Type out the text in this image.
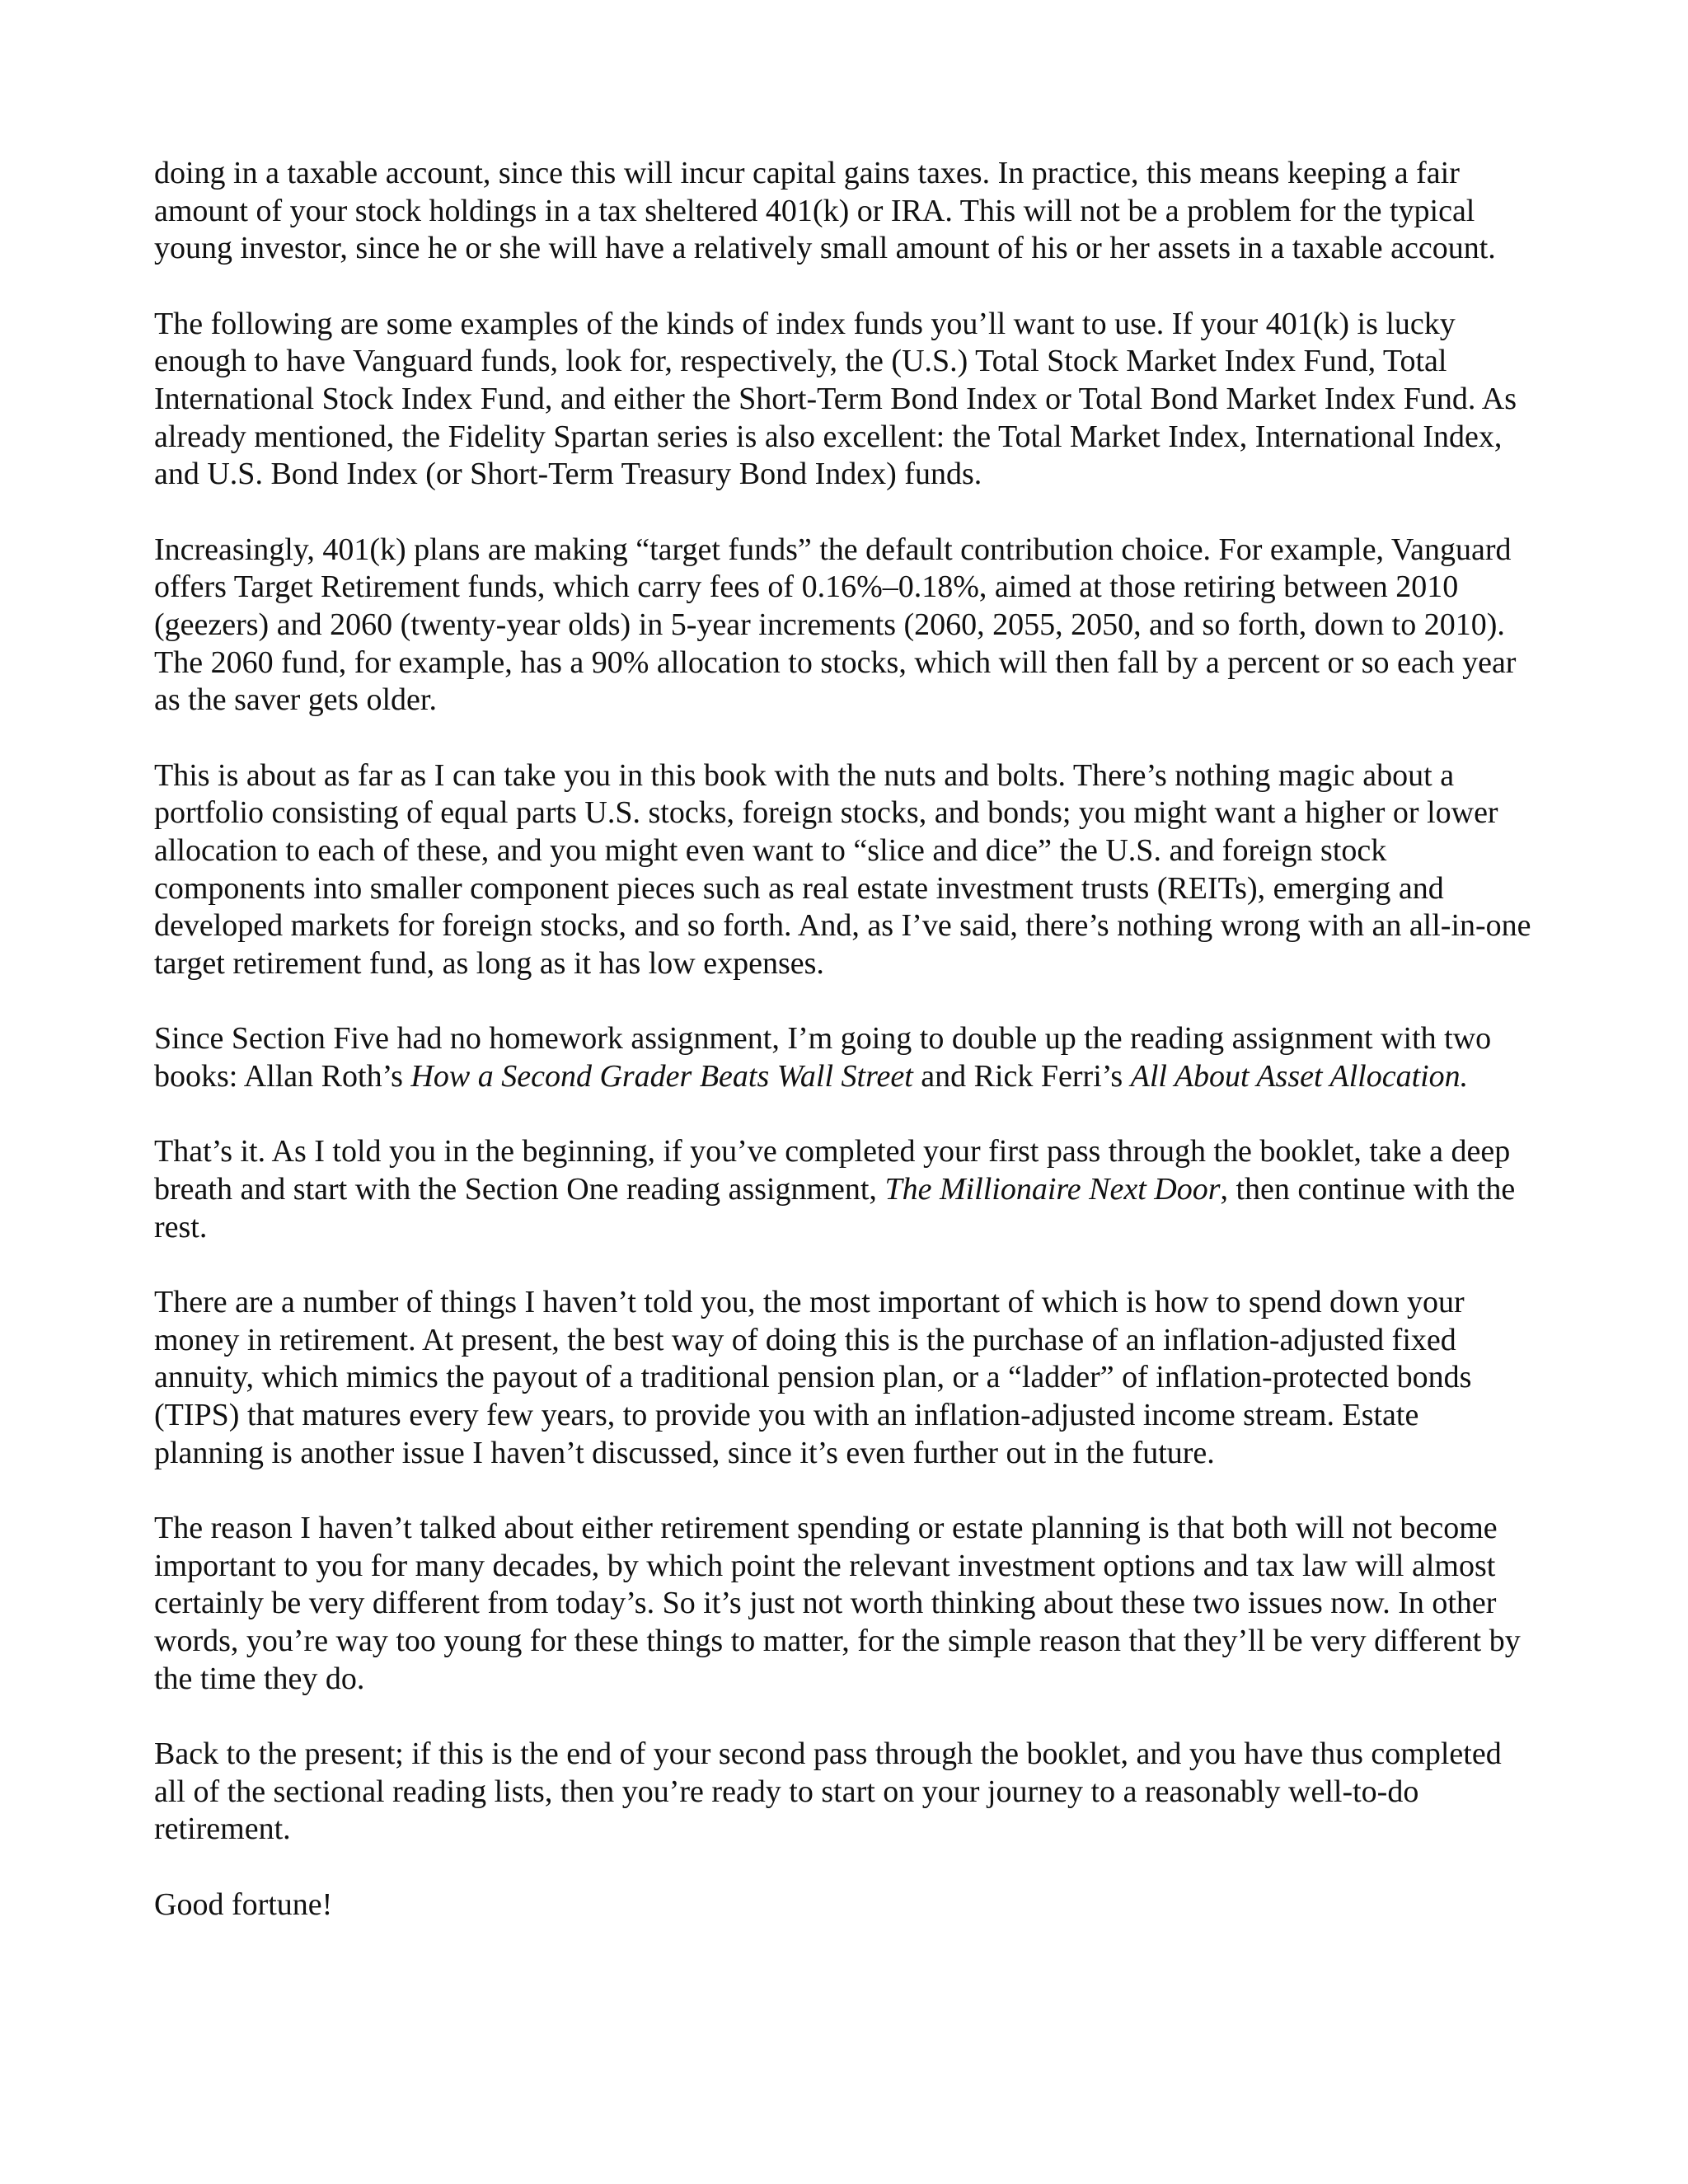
doing in a taxable account, since this will incur capital gains taxes. In practice, this means keeping a fair amount of your stock holdings in a tax sheltered 401(k) or IRA. This will not be a problem for the typical young investor, since he or she will have a relatively small amount of his or her assets in a taxable account.

The following are some examples of the kinds of index funds you’ll want to use. If your 401(k) is lucky enough to have Vanguard funds, look for, respectively, the (U.S.) Total Stock Market Index Fund, Total International Stock Index Fund, and either the Short-Term Bond Index or Total Bond Market Index Fund. As already mentioned, the Fidelity Spartan series is also excellent: the Total Market Index, International Index, and U.S. Bond Index (or Short-Term Treasury Bond Index) funds.

Increasingly, 401(k) plans are making “target funds” the default contribution choice. For example, Vanguard offers Target Retirement funds, which carry fees of 0.16%–0.18%, aimed at those retiring between 2010 (geezers) and 2060 (twenty-year olds) in 5-year increments (2060, 2055, 2050, and so forth, down to 2010). The 2060 fund, for example, has a 90% allocation to stocks, which will then fall by a percent or so each year as the saver gets older.

This is about as far as I can take you in this book with the nuts and bolts. There’s nothing magic about a portfolio consisting of equal parts U.S. stocks, foreign stocks, and bonds; you might want a higher or lower allocation to each of these, and you might even want to “slice and dice” the U.S. and foreign stock components into smaller component pieces such as real estate investment trusts (REITs), emerging and developed markets for foreign stocks, and so forth. And, as I’ve said, there’s nothing wrong with an all-in-one target retirement fund, as long as it has low expenses.

Since Section Five had no homework assignment, I’m going to double up the reading assignment with two books: Allan Roth’s How a Second Grader Beats Wall Street and Rick Ferri’s All About Asset Allocation.

That’s it. As I told you in the beginning, if you’ve completed your first pass through the booklet, take a deep breath and start with the Section One reading assignment, The Millionaire Next Door, then continue with the rest.

There are a number of things I haven’t told you, the most important of which is how to spend down your money in retirement. At present, the best way of doing this is the purchase of an inflation-adjusted fixed annuity, which mimics the payout of a traditional pension plan, or a “ladder” of inflation-protected bonds (TIPS) that matures every few years, to provide you with an inflation-adjusted income stream. Estate planning is another issue I haven’t discussed, since it’s even further out in the future.

The reason I haven’t talked about either retirement spending or estate planning is that both will not become important to you for many decades, by which point the relevant investment options and tax law will almost certainly be very different from today’s. So it’s just not worth thinking about these two issues now. In other words, you’re way too young for these things to matter, for the simple reason that they’ll be very different by the time they do.

Back to the present; if this is the end of your second pass through the booklet, and you have thus completed all of the sectional reading lists, then you’re ready to start on your journey to a reasonably well-to-do retirement.

Good fortune!
